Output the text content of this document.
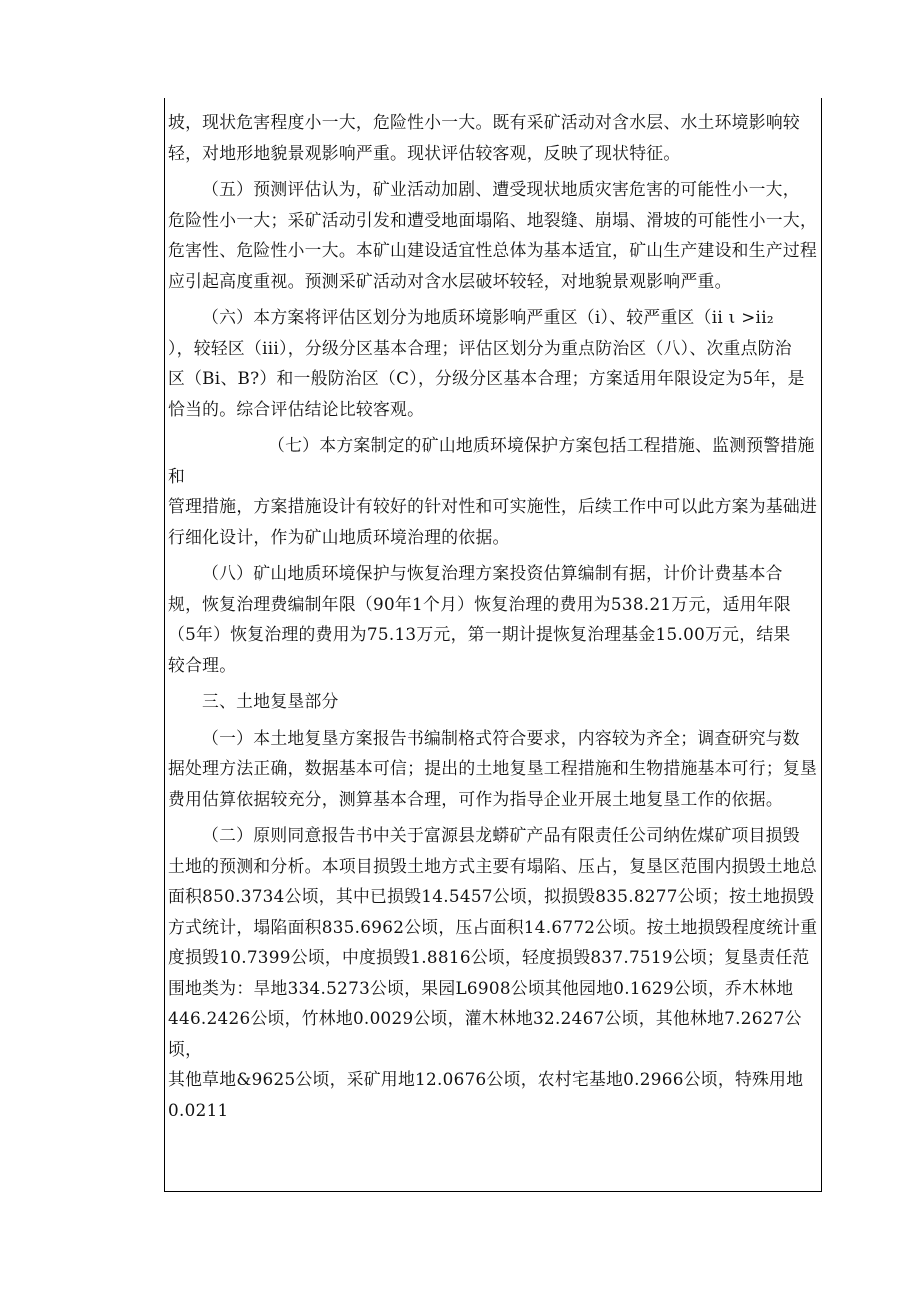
坡，现状危害程度小一大，危险性小一大。既有采矿活动对含水层、水土环境影响较
轻，对地形地貌景观影响严重。现状评估较客观，反映了现状特征。
（五）预测评估认为，矿业活动加剧、遭受现状地质灾害危害的可能性小一大，
危险性小一大；采矿活动引发和遭受地面塌陷、地裂缝、崩塌、滑坡的可能性小一大，
危害性、危险性小一大。本矿山建设适宜性总体为基本适宜，矿山生产建设和生产过程
应引起高度重视。预测采矿活动对含水层破坏较轻，对地貌景观影响严重。
（六）本方案将评估区划分为地质环境影响严重区（i）、较严重区（ii ι >ii₂
），较轻区（iii），分级分区基本合理；评估区划分为重点防治区（八）、次重点防治
区（Bi、B?）和一般防治区（C），分级分区基本合理；方案适用年限设定为5年，是
恰当的。综合评估结论比较客观。
（七）本方案制定的矿山地质环境保护方案包括工程措施、监测预警措施和
管理措施，方案措施设计有较好的针对性和可实施性，后续工作中可以此方案为基础进
行细化设计，作为矿山地质环境治理的依据。
（八）矿山地质环境保护与恢复治理方案投资估算编制有据，计价计费基本合
规，恢复治理费编制年限（90年1个月）恢复治理的费用为538.21万元，适用年限
（5年）恢复治理的费用为75.13万元，第一期计提恢复治理基金15.00万元，结果
较合理。
三、土地复垦部分
（一）本土地复垦方案报告书编制格式符合要求，内容较为齐全；调查研究与数
据处理方法正确，数据基本可信；提出的土地复垦工程措施和生物措施基本可行；复垦
费用估算依据较充分，测算基本合理，可作为指导企业开展土地复垦工作的依据。
（二）原则同意报告书中关于富源县龙蟒矿产品有限责任公司纳佐煤矿项目损毁
土地的预测和分析。本项目损毁土地方式主要有塌陷、压占，复垦区范围内损毁土地总
面积850.3734公顷，其中已损毁14.5457公顷，拟损毁835.8277公顷；按土地损毁
方式统计，塌陷面积835.6962公顷，压占面积14.6772公顷。按土地损毁程度统计重
度损毁10.7399公顷，中度损毁1.8816公顷，轻度损毁837.7519公顷；复垦责任范
围地类为：旱地334.5273公顷，果园L6908公顷其他园地0.1629公顷，乔木林地
446.2426公顷，竹林地0.0029公顷，灌木林地32.2467公顷，其他林地7.2627公顷，
其他草地&9625公顷，采矿用地12.0676公顷，农村宅基地0.2966公顷，特殊用地0.0211
